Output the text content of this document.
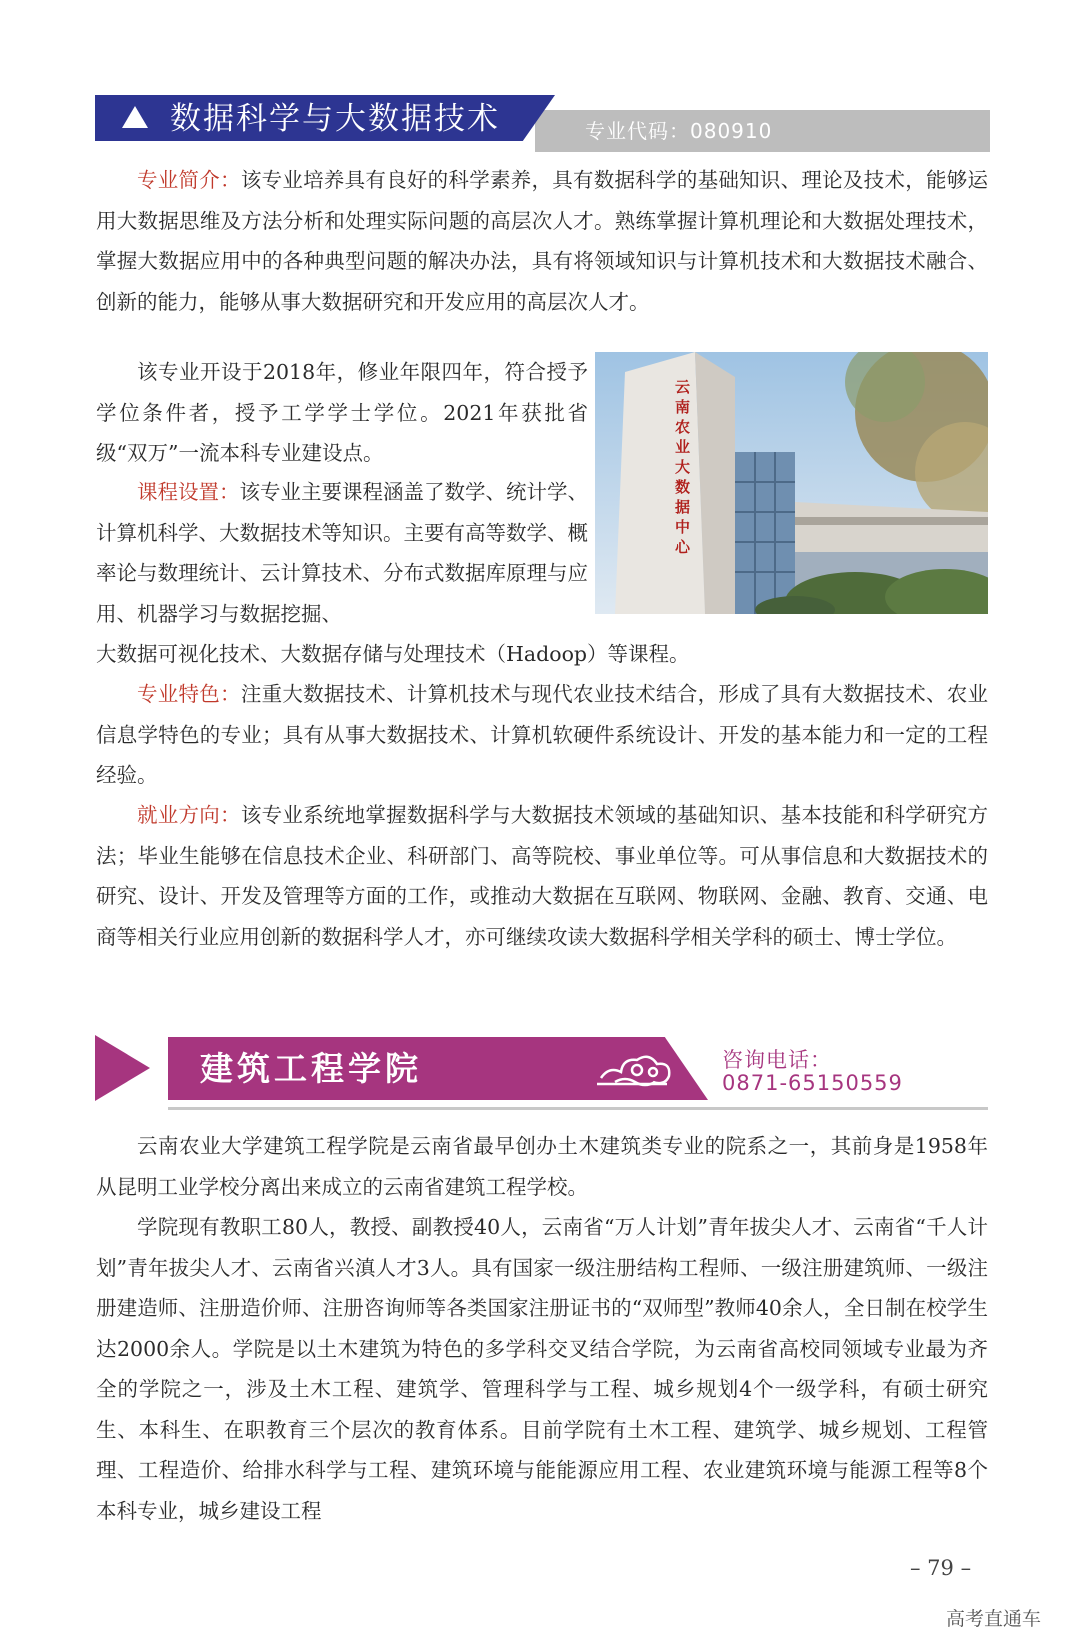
数据科学与大数据技术	专业代码：080910

专业简介：该专业培养具有良好的科学素养，具有数据科学的基础知识、理论及技术，能够运用大数据思维及方法分析和处理实际问题的高层次人才。熟练掌握计算机理论和大数据处理技术，掌握大数据应用中的各种典型问题的解决办法，具有将领域知识与计算机技术和大数据技术融合、创新的能力，能够从事大数据研究和开发应用的高层次人才。

该专业开设于2018年，修业年限四年，符合授予学位条件者，授予工学学士学位。2021年获批省级“双万”一流本科专业建设点。

课程设置：该专业主要课程涵盖了数学、统计学、计算机科学、大数据技术等知识。主要有高等数学、概率论与数理统计、云计算技术、分布式数据库原理与应用、机器学习与数据挖掘、

大数据可视化技术、大数据存储与处理技术（Hadoop）等课程。

专业特色：注重大数据技术、计算机技术与现代农业技术结合，形成了具有大数据技术、农业信息学特色的专业；具有从事大数据技术、计算机软硬件系统设计、开发的基本能力和一定的工程经验。

就业方向：该专业系统地掌握数据科学与大数据技术领域的基础知识、基本技能和科学研究方法；毕业生能够在信息技术企业、科研部门、高等院校、事业单位等。可从事信息和大数据技术的研究、设计、开发及管理等方面的工作，或推动大数据在互联网、物联网、金融、教育、交通、电商等相关行业应用创新的数据科学人才，亦可继续攻读大数据科学相关学科的硕士、博士学位。

云
南
农
业
大
数
据
中
心
建筑工程学院	咨询电话：
0871-65150559

云南农业大学建筑工程学院是云南省最早创办土木建筑类专业的院系之一，其前身是1958年从昆明工业学校分离出来成立的云南省建筑工程学校。

学院现有教职工80人，教授、副教授40人，云南省“万人计划”青年拔尖人才、云南省“千人计划”青年拔尖人才、云南省兴滇人才3人。具有国家一级注册结构工程师、一级注册建筑师、一级注册建造师、注册造价师、注册咨询师等各类国家注册证书的“双师型”教师40余人，全日制在校学生达2000余人。学院是以土木建筑为特色的多学科交叉结合学院，为云南省高校同领域专业最为齐全的学院之一，涉及土木工程、建筑学、管理科学与工程、城乡规划4个一级学科，有硕士研究生、本科生、在职教育三个层次的教育体系。目前学院有土木工程、建筑学、城乡规划、工程管理、工程造价、给排水科学与工程、建筑环境与能能源应用工程、农业建筑环境与能源工程等8个本科专业，城乡建设工程

– 79 –
高考直通车
